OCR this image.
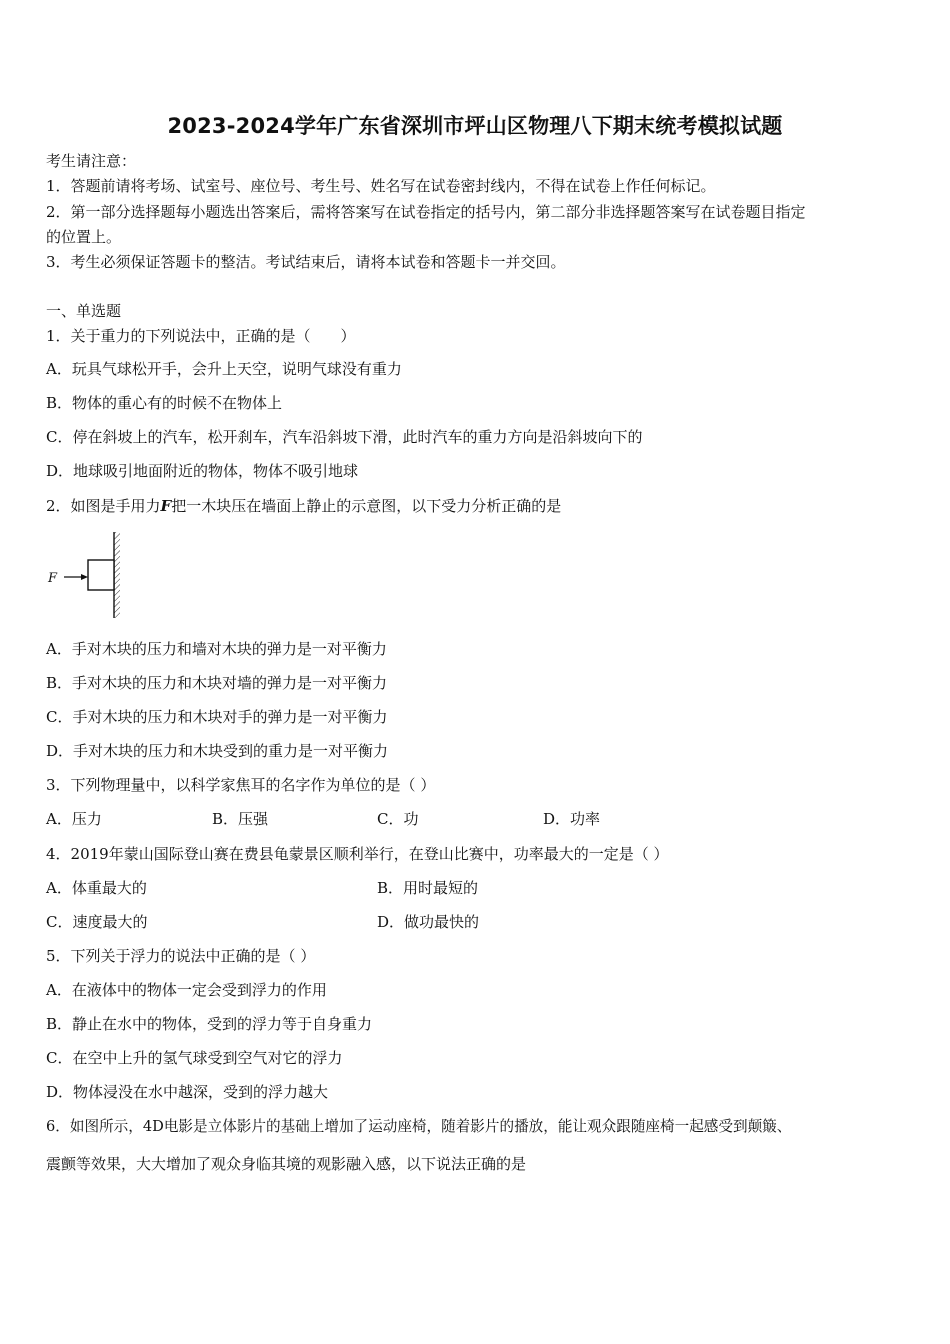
2023-2024学年广东省深圳市坪山区物理八下期末统考模拟试题
考生请注意：
1．答题前请将考场、试室号、座位号、考生号、姓名写在试卷密封线内，不得在试卷上作任何标记。
2．第一部分选择题每小题选出答案后，需将答案写在试卷指定的括号内，第二部分非选择题答案写在试卷题目指定
的位置上。
3．考生必须保证答题卡的整洁。考试结束后，请将本试卷和答题卡一并交回。
一、单选题
1．关于重力的下列说法中，正确的是（　　）
A．玩具气球松开手，会升上天空，说明气球没有重力
B．物体的重心有的时候不在物体上
C．停在斜坡上的汽车，松开刹车，汽车沿斜坡下滑，此时汽车的重力方向是沿斜坡向下的
D．地球吸引地面附近的物体，物体不吸引地球
2．如图是手用力F把一木块压在墙面上静止的示意图，以下受力分析正确的是
F
A．手对木块的压力和墙对木块的弹力是一对平衡力
B．手对木块的压力和木块对墙的弹力是一对平衡力
C．手对木块的压力和木块对手的弹力是一对平衡力
D．手对木块的压力和木块受到的重力是一对平衡力
3．下列物理量中，以科学家焦耳的名字作为单位的是（ ）
A．压力	B．压强	C．功	D．功率
4．2019年蒙山国际登山赛在费县龟蒙景区顺利举行，在登山比赛中，功率最大的一定是（ ）
A．体重最大的	B．用时最短的
C．速度最大的	D．做功最快的
5．下列关于浮力的说法中正确的是（ ）
A．在液体中的物体一定会受到浮力的作用
B．静止在水中的物体，受到的浮力等于自身重力
C．在空中上升的氢气球受到空气对它的浮力
D．物体浸没在水中越深，受到的浮力越大
6．如图所示，4D电影是立体影片的基础上增加了运动座椅，随着影片的播放，能让观众跟随座椅一起感受到颠簸、
震颤等效果，大大增加了观众身临其境的观影融入感，以下说法正确的是
